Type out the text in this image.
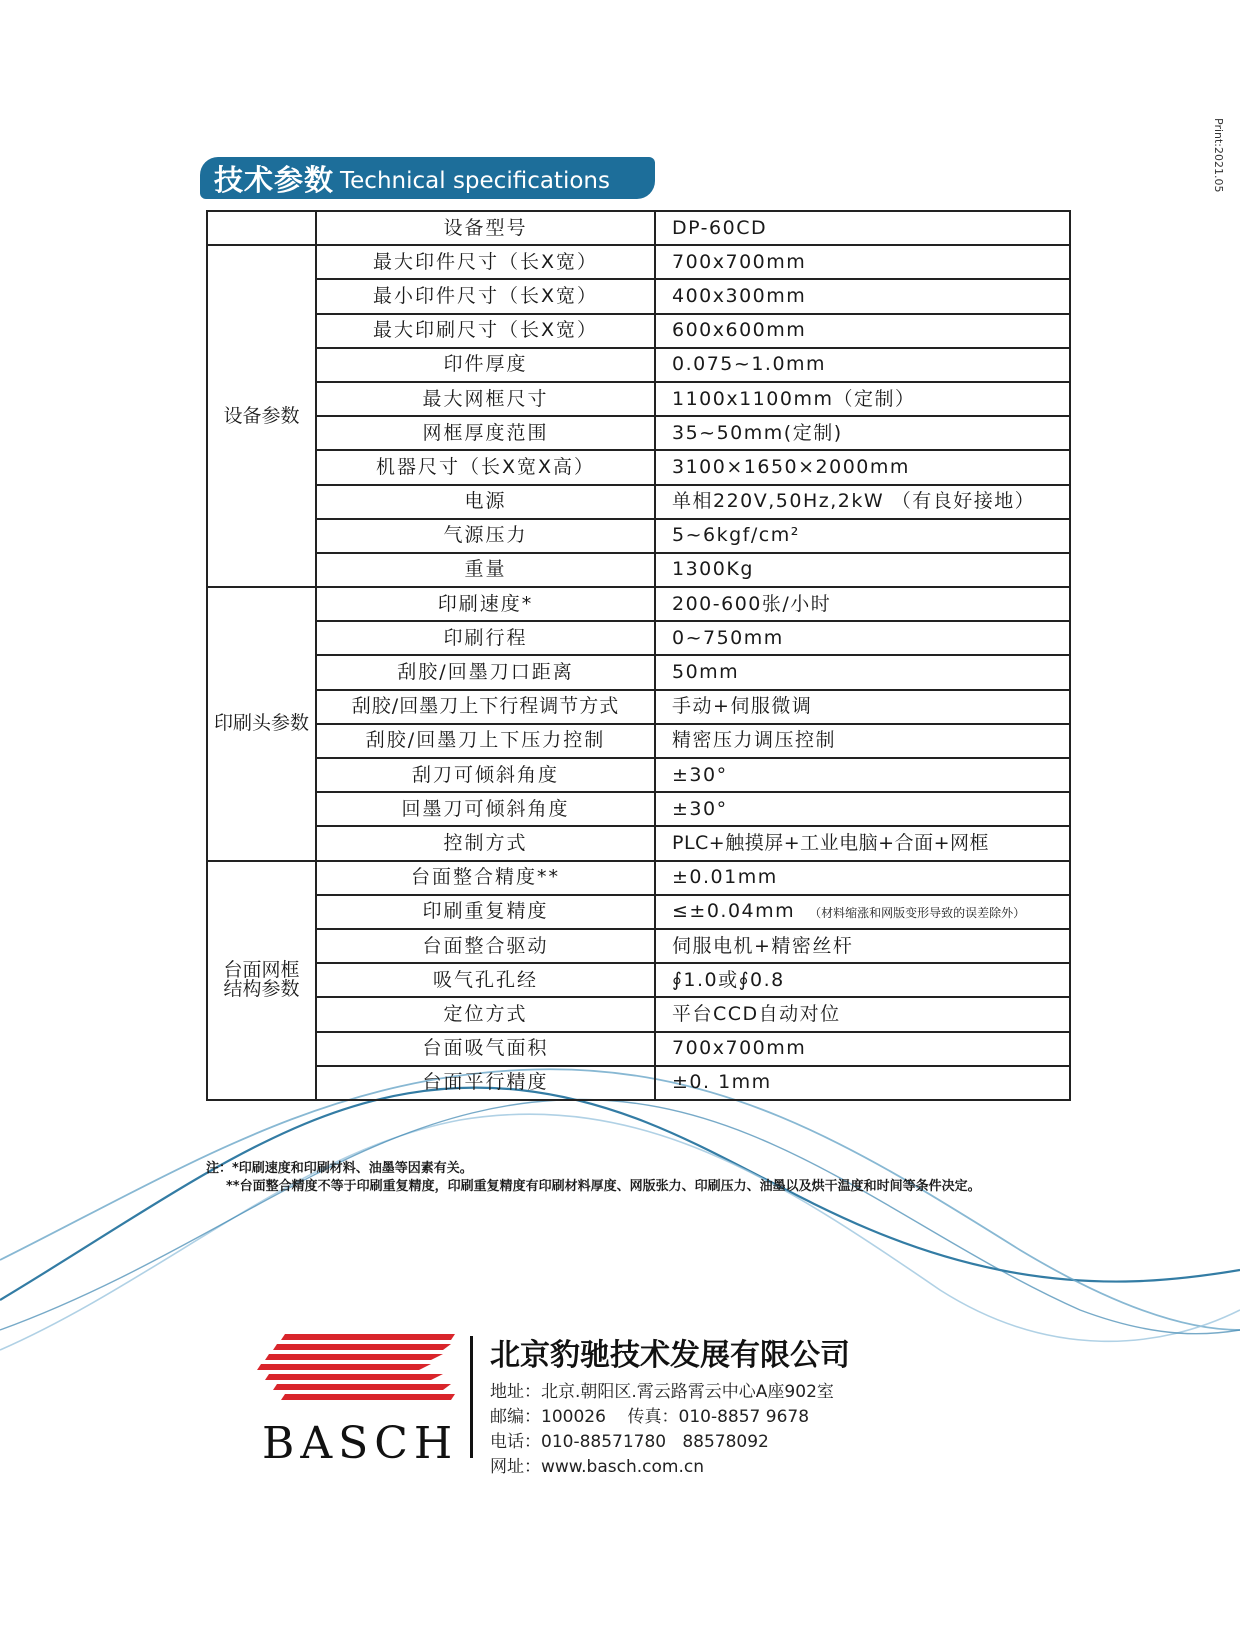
Print:2021.05
技术参数 Technical specifications
	设备型号	DP-60CD
设备参数	最大印件尺寸（长X宽）	700x700mm
	最小印件尺寸（长X宽）	400x300mm
	最大印刷尺寸（长X宽）	600x600mm
	印件厚度	0.075~1.0mm
	最大网框尺寸	1100x1100mm（定制）
	网框厚度范围	35~50mm(定制)
	机器尺寸（长X宽X高）	3100×1650×2000mm
	电源	单相220V,50Hz,2kW （有良好接地）
	气源压力	5~6kgf/cm²
	重量	1300Kg
印刷头参数	印刷速度*	200-600张/小时
	印刷行程	0~750mm
	刮胶/回墨刀口距离	50mm
	刮胶/回墨刀上下行程调节方式	手动+伺服微调
	刮胶/回墨刀上下压力控制	精密压力调压控制
	刮刀可倾斜角度	±30°
	回墨刀可倾斜角度	±30°
	控制方式	PLC+触摸屏+工业电脑+合面+网框
台面网框
结构参数	台面整合精度**	±0.01mm
	印刷重复精度	≤±0.04mm （材料缩涨和网版变形导致的误差除外）
	台面整合驱动	伺服电机+精密丝杆
	吸气孔孔经	∮1.0或∮0.8
	定位方式	平台CCD自动对位
	台面吸气面积	700x700mm
	台面平行精度	±0. 1mm
注：*印刷速度和印刷材料、油墨等因素有关。
**台面整合精度不等于印刷重复精度，印刷重复精度有印刷材料厚度、网版张力、印刷压力、油墨以及烘干温度和时间等条件决定。
BASCH
北京豹驰技术发展有限公司
地址：北京.朝阳区.霄云路霄云中心A座902室
邮编：100026    传真：010-8857 9678
电话：010-88571780   88578092
网址：www.basch.com.cn
